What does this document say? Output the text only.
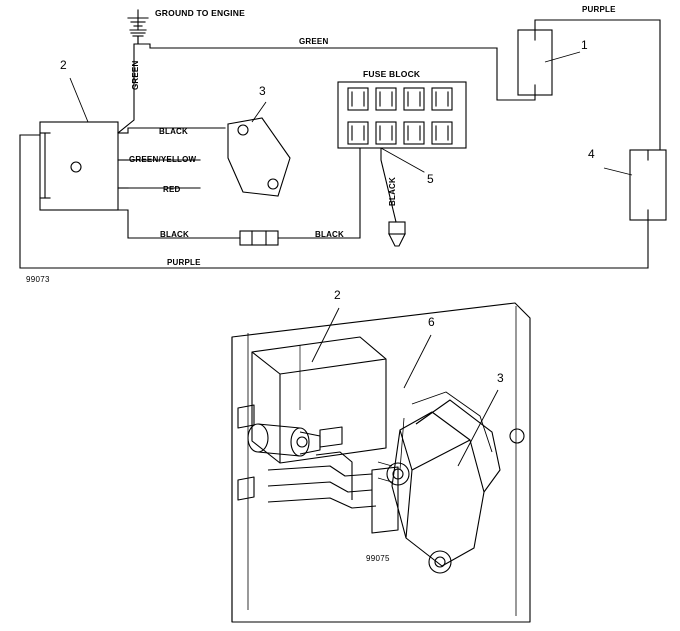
GROUND TO ENGINE
GREEN
PURPLE
GREEN	FUSE BLOCK
BLACK
GREEN/YELLOW
RED	BLACK
BLACK	BLACK
PURPLE
1
2
3
4
5
2
6
3
99073
99075
